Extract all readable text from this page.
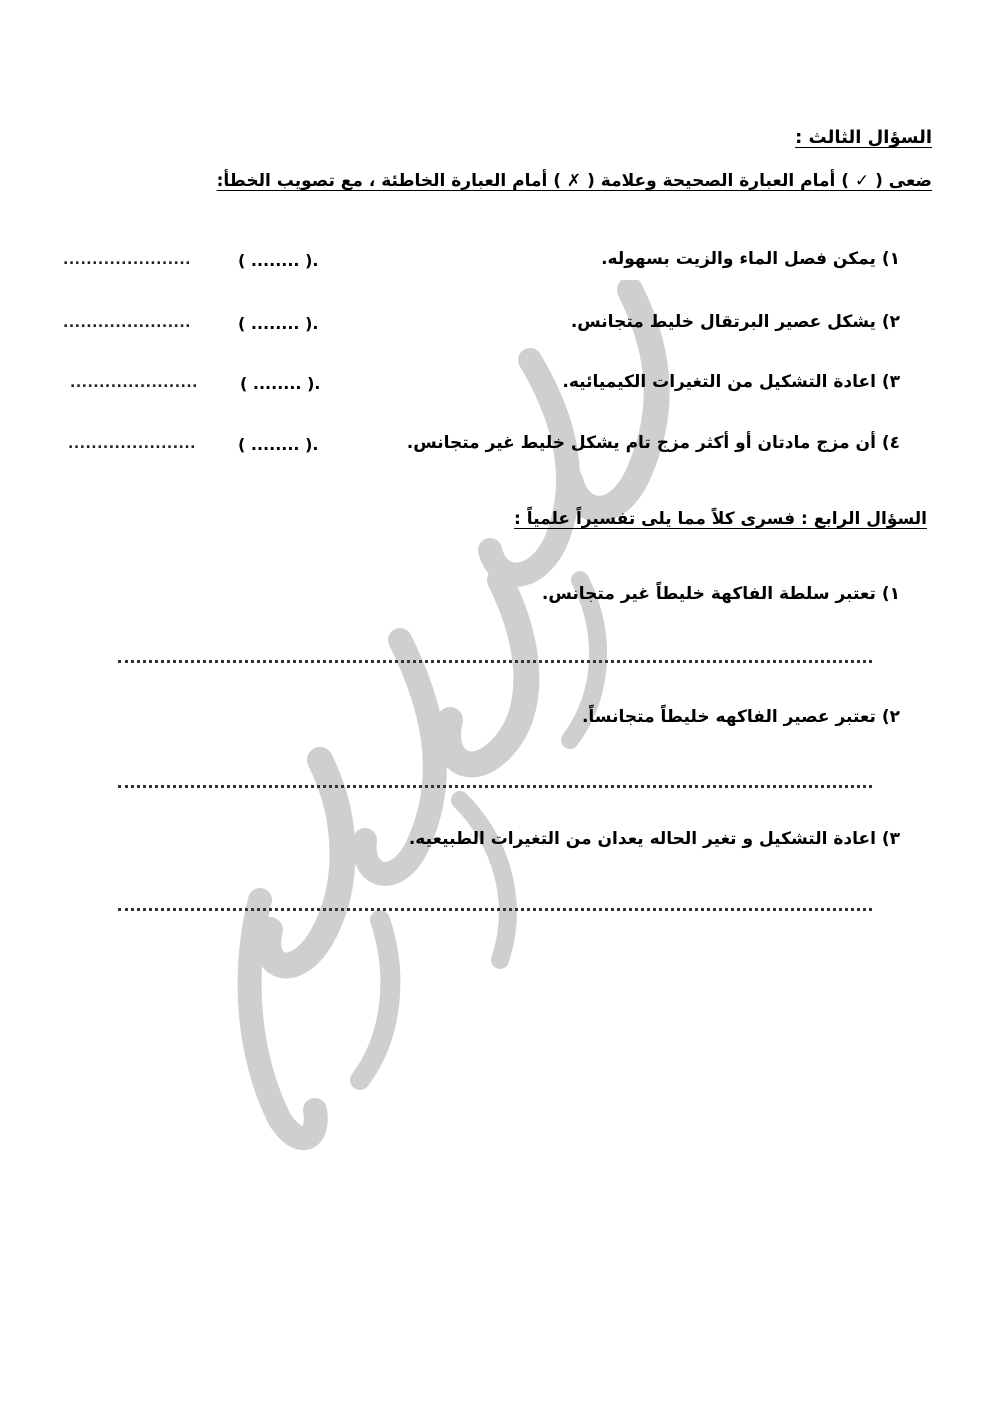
السؤال الثالث :
ضعى ( ✓ ) أمام العبارة الصحيحة وعلامة ( ✗ ) أمام العبارة الخاطئة ، مع تصويب الخطأ:
١) يمكن فصل الماء والزيت بسهوله.
( ........ ).
......................
٢) يشكل عصير البرتقال خليط متجانس.
( ........ ).
......................
٣) اعادة التشكيل من التغيرات الكيميائيه.
( ........ ).
......................
٤) أن مزج مادتان أو أكثر مزج تام يشكل خليط غير متجانس.
( ........ ).
......................
السؤال الرابع : فسرى كلاً مما يلى تفسيراً علمياً :
١) تعتبر سلطة الفاكهة خليطاً غير متجانس.
٢) تعتبر عصير الفاكهه خليطاً متجانساً.
٣) اعادة التشكيل و تغير الحاله يعدان من التغيرات الطبيعيه.
